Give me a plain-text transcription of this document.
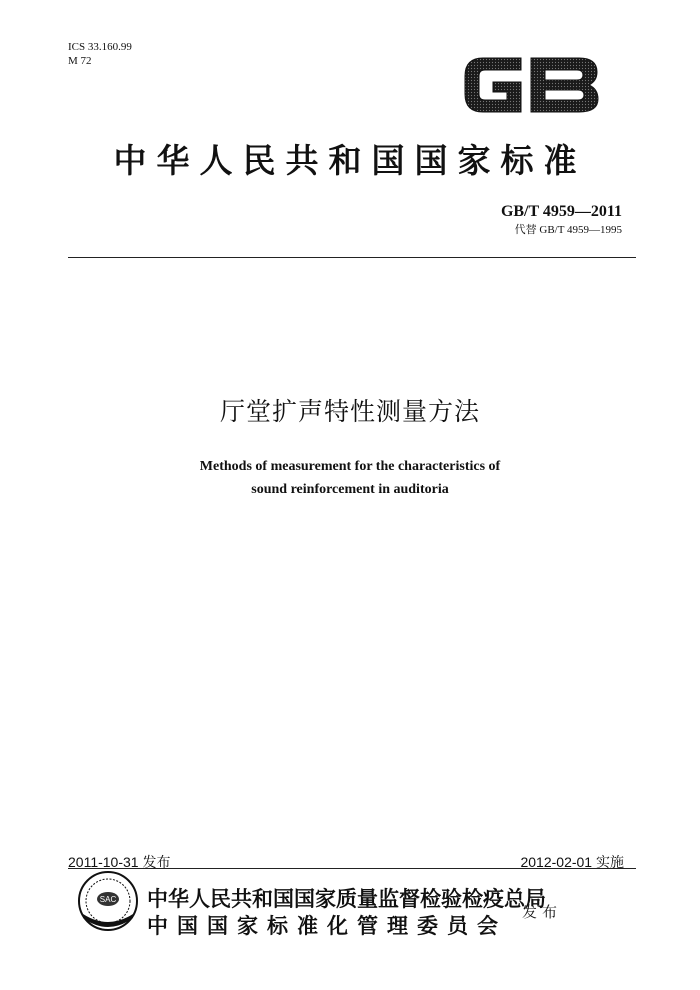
ICS 33.160.99
M 72
中华人民共和国国家标准
GB/T 4959—2011
代替 GB/T 4959—1995
厅堂扩声特性测量方法
Methods of measurement for the characteristics of
sound reinforcement in auditoria
2011-10-31 发布	2012-02-01 实施
SAC 中华人民共和国国家质量监督检验检疫总局
中国国家标准化管理委员会
发布
